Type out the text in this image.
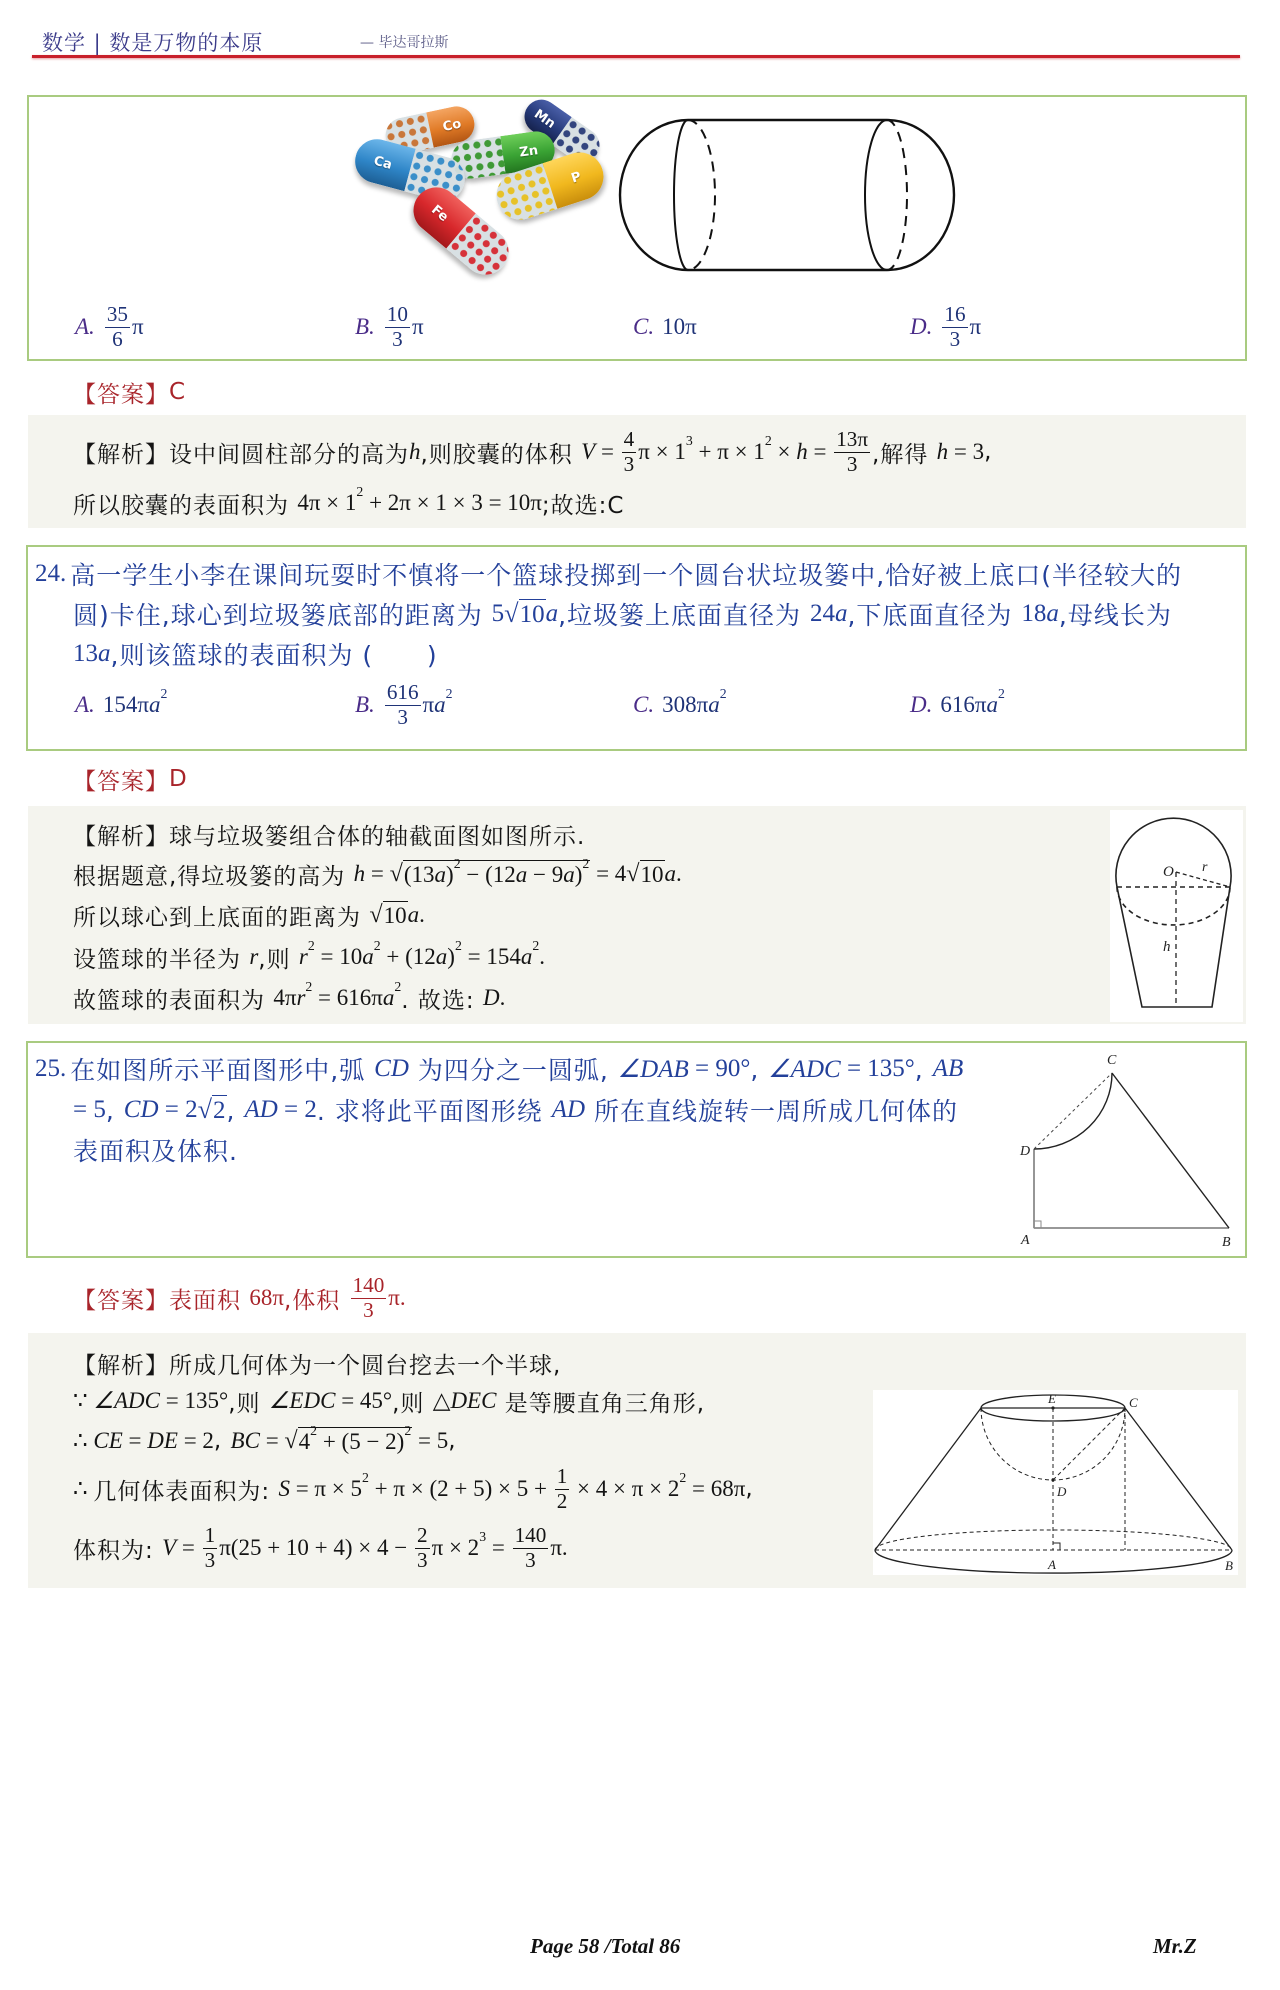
数学 | 数是万物的本原	— 毕达哥拉斯
Co	Mn
Zn
Ca
P
Fe
A. $\frac{35}{6}$ π	B. $\frac{10}{3}$ π	C. 10π	D. $\frac{16}{3}$ π
【答案】 C
【解析】设中间圆柱部分的高为 h ,则胶囊的体积 $V = \frac{4}{3}$ π × 1 3 + π × 1 $2 \times h = \frac{13\pi}{3}$ ,解得 h = 3 ,
所以胶囊的表面积为 4π × 1 2 + 2π × 1 × 3 = 10π ;故选:C
24. 高一学生小李在课间玩耍时不慎将一个篮球投掷到一个圆台状垃圾篓中,恰好被上底口(半径较大的
圆)卡住,球心到垃圾篓底部的距离为 5 √ 10 a ,垃圾篓上底面直径为 24 a ,下底面直径为 18 a ,母线长为
13 a ,则该篮球的表面积为 (      )
A. 154π a 2	B. $\frac{616}{3}$ π a 2	C. 308π a 2	D. 616π a 2
【答案】 D
【解析】球与垃圾篓组合体的轴截面图如图所示.
根据题意,得垃圾篓的高为 h = √ (13 a ) 2 − (12 a − 9 a ) 2 = 4 √ 10 a .
所以球心到上底面的距离为 √ 10 a .
设篮球的半径为 r ,则 r 2 = 10 a 2 + (12 a ) 2 = 154 a 2 .
故篮球的表面积为 4π r 2 = 616π a 2
. 故选: D .
O r
h
25. 在如图所示平面图形中,弧 CD 为四分之一圆弧, ∠DAB = 90° , ∠ADC = 135° , AB
= 5 , CD = 2 √ 2 , AD = 2 . 求将此平面图形绕 AD 所在直线旋转一周所成几何体的
表面积及体积.
C
D
A	B
【答案】表面积 68π ,体积 $\frac{140}{3} \pi$.
【解析】所成几何体为一个圆台挖去一个半球,
∵ ∠ADC = 135° ,则 ∠EDC = 45° ,则 △ DEC 是等腰直角三角形,
∴ CE = DE = 2 , BC = √ 4 2 + (5 − 2) 2 = 5 ,
∴ 几何体表面积为: S = π × 5 $2 + \pi \times (2 + 5) \times 5 + \frac{1}{2} \times 4 \times \pi \times 2$ 2 = 68π ,
体积为: $V = \frac{1}{3} \pi(25 + 10 + 4) \times 4 - \frac{2}{3}$ π × 2 $3 = \frac{140}{3} \pi$.
E	C
D
A	B
Page 58 /Total 86	Mr.Z
